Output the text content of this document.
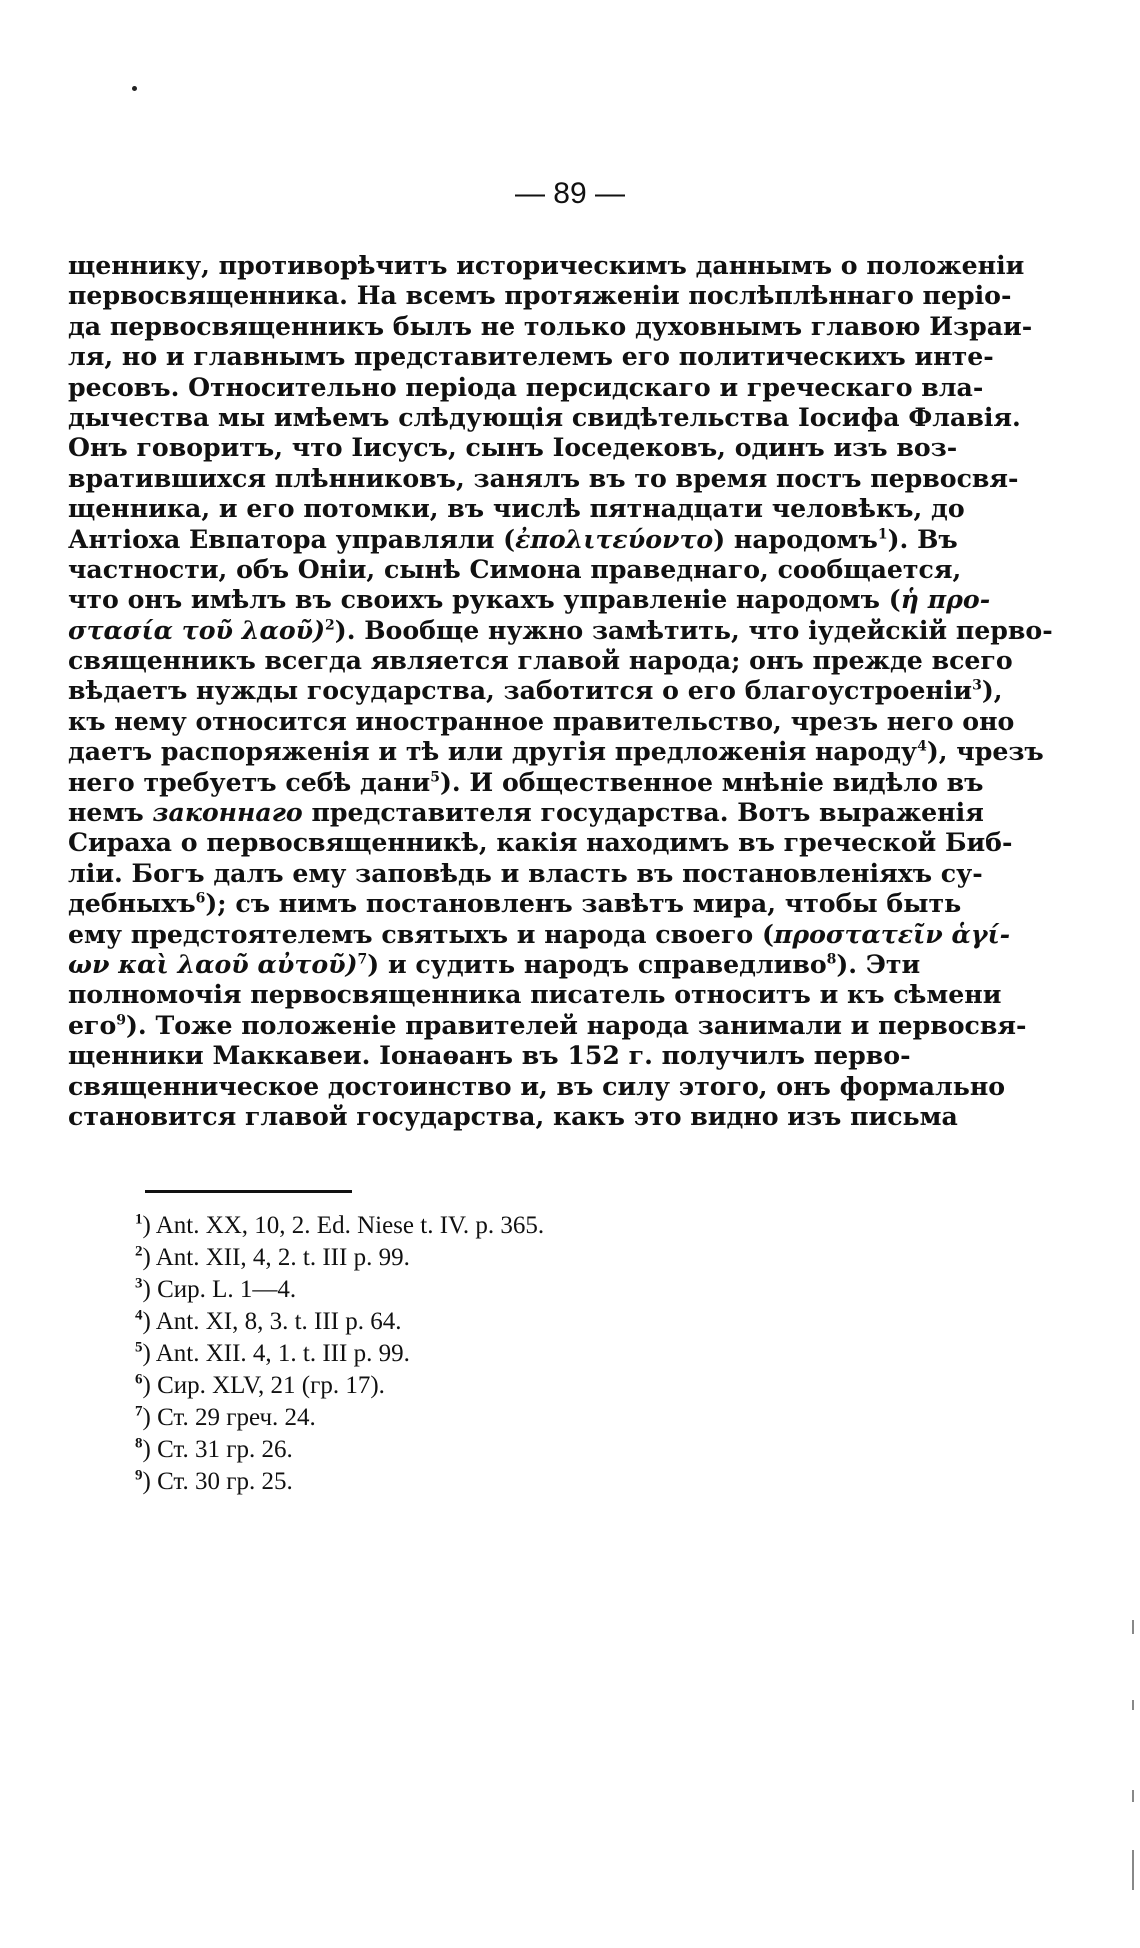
— 89 —
щеннику, противорѣчитъ историческимъ даннымъ о положеніи
первосвященника. На всемъ протяженіи послѣплѣннаго періо-
да первосвященникъ былъ не только духовнымъ главою Израи-
ля, но и главнымъ представителемъ его политическихъ инте-
ресовъ. Относительно періода персидскаго и греческаго вла-
дычества мы имѣемъ слѣдующія свидѣтельства Іосифа Флавія.
Онъ говоритъ, что Іисусъ, сынъ Іоседековъ, одинъ изъ воз-
вратившихся плѣнниковъ, занялъ въ то время постъ первосвя-
щенника, и его потомки, въ числѣ пятнадцати человѣкъ, до
Антіоха Евпатора управляли (ἐπολιτεύοντο) народомъ$^1$). Въ
частности, объ Оніи, сынѣ Симона праведнаго, сообщается,
что онъ имѣлъ въ своихъ рукахъ управленіе народомъ (ἡ προ-
στασία τοῦ λαοῦ)$^2$). Вообще нужно замѣтить, что іудейскій перво-
священникъ всегда является главой народа; онъ прежде всего
вѣдаетъ нужды государства, заботится о его благоустроеніи$^3$),
къ нему относится иностранное правительство, чрезъ него оно
даетъ распоряженія и тѣ или другія предложенія народу$^4$), чрезъ
него требуетъ себѣ дани$^5$). И общественное мнѣніе видѣло въ
немъ законнаго представителя государства. Вотъ выраженія
Сираха о первосвященникѣ, какія находимъ въ греческой Биб-
ліи. Богъ далъ ему заповѣдь и власть въ постановленіяхъ су-
дебныхъ$^6$); съ нимъ постановленъ завѣтъ мира, чтобы быть
ему предстоятелемъ святыхъ и народа своего (προστατεῖν ἁγί-
ων καὶ λαοῦ αὐτοῦ)$^7$) и судить народъ справедливо$^8$). Эти
полномочія первосвященника писатель относитъ и къ сѣмени
его$^9$). Тоже положеніе правителей народа занимали и первосвя-
щенники Маккавеи. Іонаѳанъ въ 152 г. получилъ перво-
священническое достоинство и, въ силу этого, онъ формально
становится главой государства, какъ это видно изъ письма
$^1$) Ant. XX, 10, 2. Ed. Niese t. IV. p. 365.
$^2$) Ant. XII, 4, 2. t. III p. 99.
$^3$) Сир. L. 1—4.
$^4$) Ant. XI, 8, 3. t. III p. 64.
$^5$) Ant. XII. 4, 1. t. III p. 99.
$^6$) Сир. XLV, 21 (гр. 17).
$^7$) Ст. 29 греч. 24.
$^8$) Ст. 31 гр. 26.
$^9$) Ст. 30 гр. 25.
